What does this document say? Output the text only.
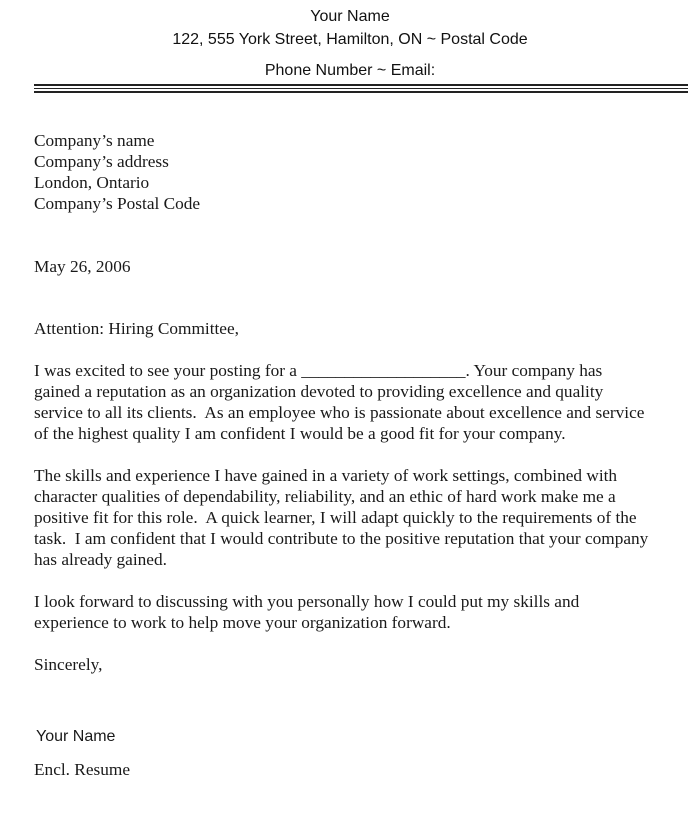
Your Name
122, 555 York Street, Hamilton, ON ~ Postal Code
Phone Number ~ Email:
Company’s name
Company’s address
London, Ontario
Company’s Postal Code
May 26, 2006
Attention: Hiring Committee,
I was excited to see your posting for a ___________________. Your company has
gained a reputation as an organization devoted to providing excellence and quality
service to all its clients.  As an employee who is passionate about excellence and service
of the highest quality I am confident I would be a good fit for your company.
The skills and experience I have gained in a variety of work settings, combined with
character qualities of dependability, reliability, and an ethic of hard work make me a
positive fit for this role.  A quick learner, I will adapt quickly to the requirements of the
task.  I am confident that I would contribute to the positive reputation that your company
has already gained.
I look forward to discussing with you personally how I could put my skills and
experience to work to help move your organization forward.
Sincerely,
Your Name
Encl. Resume
